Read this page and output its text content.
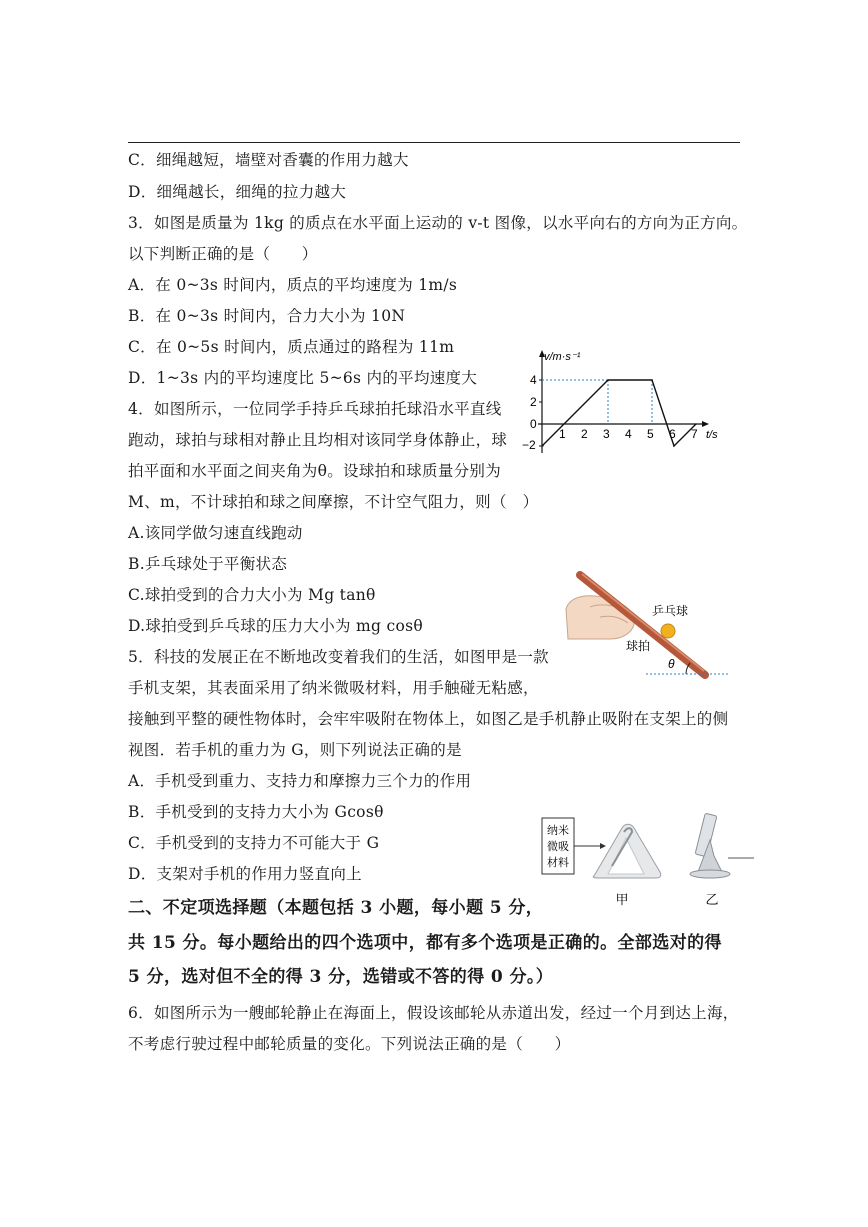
C．细绳越短，墙壁对香囊的作用力越大
D．细绳越长，细绳的拉力越大
3．如图是质量为 1kg 的质点在水平面上运动的 v-t 图像，以水平向右的方向为正方向。
以下判断正确的是（　　）
A．在 0~3s 时间内，质点的平均速度为 1m/s
B．在 0~3s 时间内，合力大小为 10N
C．在 0~5s 时间内，质点通过的路程为 11m
D．1~3s 内的平均速度比 5~6s 内的平均速度大
4．如图所示，一位同学手持乒乓球拍托球沿水平直线
跑动，球拍与球相对静止且均相对该同学身体静止，球
拍平面和水平面之间夹角为θ。设球拍和球质量分别为
M、m，不计球拍和球之间摩擦，不计空气阻力，则（　）
A.该同学做匀速直线跑动
B.乒乓球处于平衡状态
C.球拍受到的合力大小为 Mg tanθ
D.球拍受到乒乓球的压力大小为 mg cosθ
5．科技的发展正在不断地改变着我们的生活，如图甲是一款
手机支架，其表面采用了纳米微吸材料，用手触碰无粘感，
接触到平整的硬性物体时，会牢牢吸附在物体上，如图乙是手机静止吸附在支架上的侧
视图．若手机的重力为 G，则下列说法正确的是
A．手机受到重力、支持力和摩擦力三个力的作用
B．手机受到的支持力大小为 Gcosθ
C．手机受到的支持力不可能大于 G
D．支架对手机的作用力竖直向上
二、不定项选择题（本题包括 3 小题，每小题 5 分，
共 15 分。每小题给出的四个选项中，都有多个选项是正确的。全部选对的得
5 分，选对但不全的得 3 分，选错或不答的得 0 分。）
6．如图所示为一艘邮轮静止在海面上，假设该邮轮从赤道出发，经过一个月到达上海，
不考虑行驶过程中邮轮质量的变化。下列说法正确的是（　　）
v/m·s⁻¹
t/s
4
2
0
−2
1 2 3 4 5 6 7
乒乓球
球拍
θ
纳米
微吸
材料
甲	乙
